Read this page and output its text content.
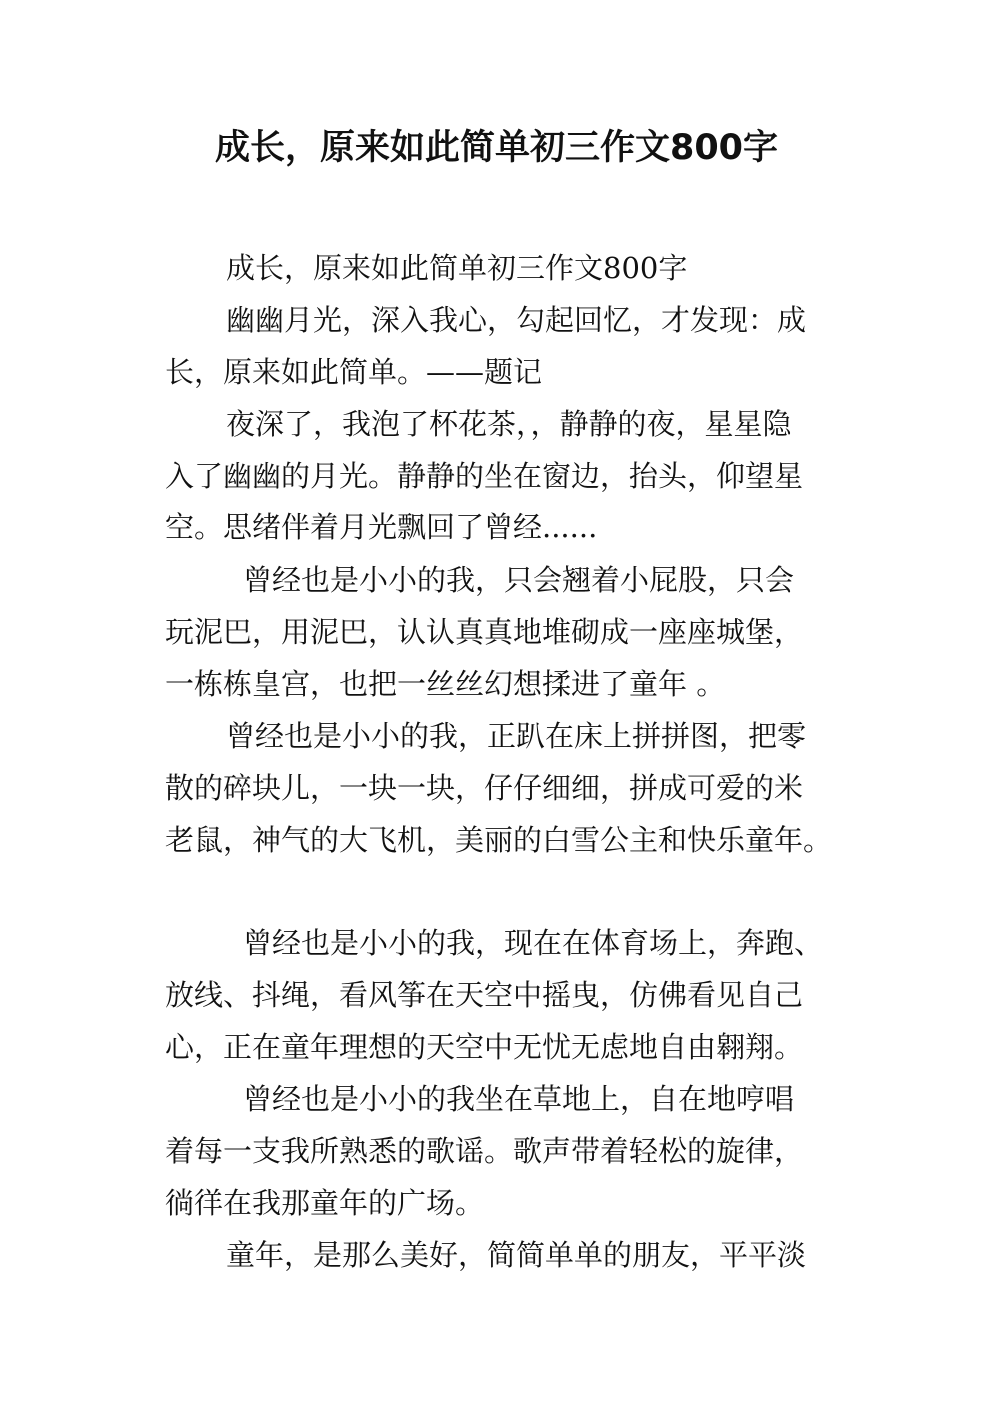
成长，原来如此简单初三作文800字
成长，原来如此简单初三作文800字
幽幽月光，深入我心，勾起回忆，才发现：成
长，原来如此简单。——题记
夜深了，我泡了杯花茶，，静静的夜，星星隐
入了幽幽的月光。静静的坐在窗边，抬头，仰望星
空。思绪伴着月光飘回了曾经......
曾经也是小小的我，只会翘着小屁股，只会
玩泥巴，用泥巴，认认真真地堆砌成一座座城堡，
一栋栋皇宫，也把一丝丝幻想揉进了童年 。
曾经也是小小的我，正趴在床上拼拼图，把零
散的碎块儿，一块一块，仔仔细细，拼成可爱的米
老鼠，神气的大飞机，美丽的白雪公主和快乐童年。
曾经也是小小的我，现在在体育场上，奔跑、
放线、抖绳，看风筝在天空中摇曳，仿佛看见自己
心，正在童年理想的天空中无忧无虑地自由翱翔。
曾经也是小小的我坐在草地上，自在地哼唱
着每一支我所熟悉的歌谣。歌声带着轻松的旋律，
徜徉在我那童年的广场。
童年，是那么美好，简简单单的朋友，平平淡
